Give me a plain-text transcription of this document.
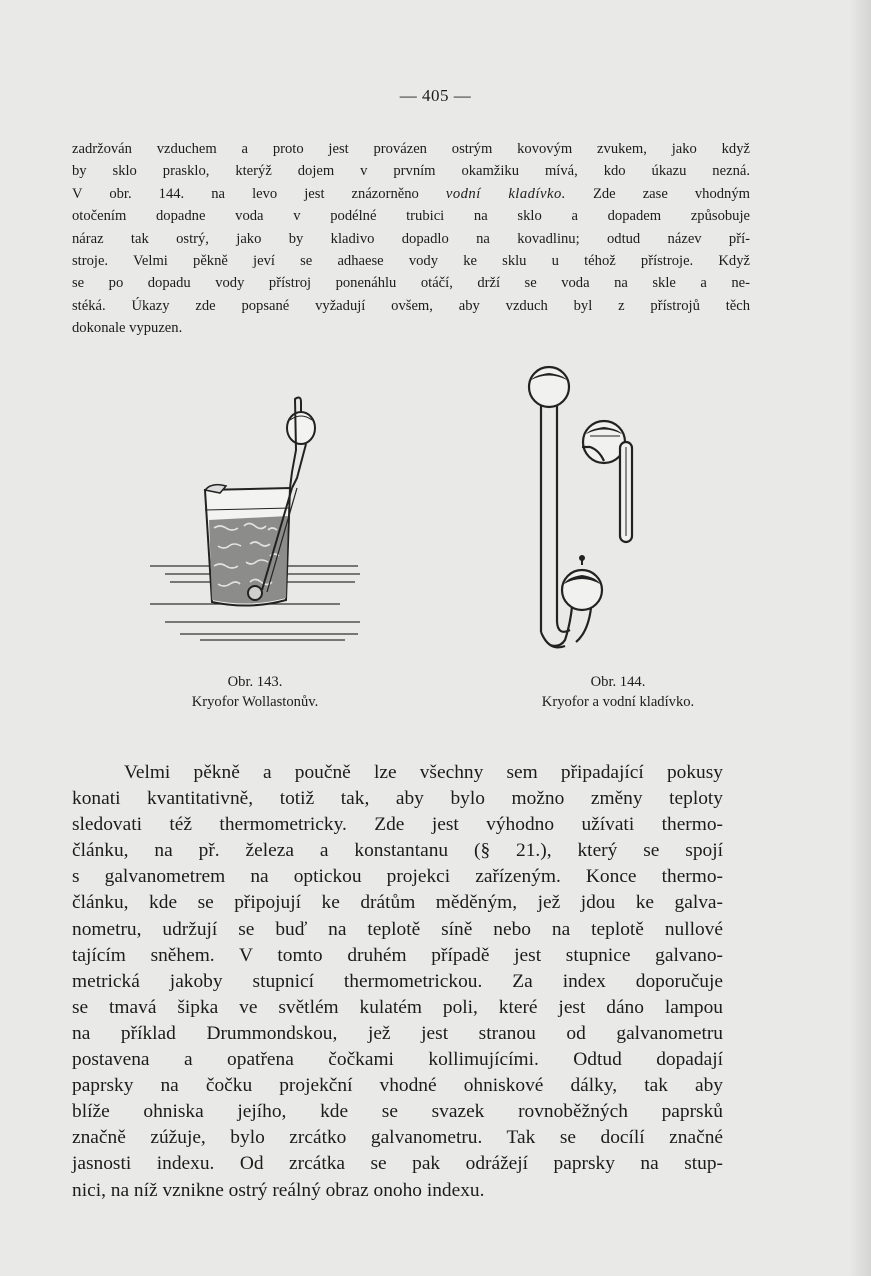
— 405 —
zadržován vzduchem a proto jest provázen ostrým kovovým zvukem, jako když
by sklo prasklo, kterýž dojem v prvním okamžiku mívá, kdo úkazu nezná.
V obr. 144. na levo jest znázorněno vodní kladívko. Zde zase vhodným
otočením dopadne voda v podélné trubici na sklo a dopadem způsobuje
náraz tak ostrý, jako by kladivo dopadlo na kovadlinu; odtud název pří-
stroje. Velmi pěkně jeví se adhaese vody ke sklu u téhož přístroje. Když
se po dopadu vody přístroj ponenáhlu otáčí, drží se voda na skle a ne-
stéká. Úkazy zde popsané vyžadují ovšem, aby vzduch byl z přístrojů těch
dokonale vypuzen.
Obr. 143.
Kryofor Wollastonův.
Obr. 144.
Kryofor a vodní kladívko.
Velmi pěkně a poučně lze všechny sem připadající pokusy
konati kvantitativně, totiž tak, aby bylo možno změny teploty
sledovati též thermometricky. Zde jest výhodno užívati thermo-
článku, na př. železa a konstantanu (§ 21.), který se spojí
s galvanometrem na optickou projekci zařízeným. Konce thermo-
článku, kde se připojují ke drátům měděným, jež jdou ke galva-
nometru, udržují se buď na teplotě síně nebo na teplotě nullové
tajícím sněhem. V tomto druhém případě jest stupnice galvano-
metrická jakoby stupnicí thermometrickou. Za index doporučuje
se tmavá šipka ve světlém kulatém poli, které jest dáno lampou
na příklad Drummondskou, jež jest stranou od galvanometru
postavena a opatřena čočkami kollimujícími. Odtud dopadají
paprsky na čočku projekční vhodné ohniskové dálky, tak aby
blíže ohniska jejího, kde se svazek rovnoběžných paprsků
značně zúžuje, bylo zrcátko galvanometru. Tak se docílí značné
jasnosti indexu. Od zrcátka se pak odrážejí paprsky na stup-
nici, na níž vznikne ostrý reálný obraz onoho indexu.
